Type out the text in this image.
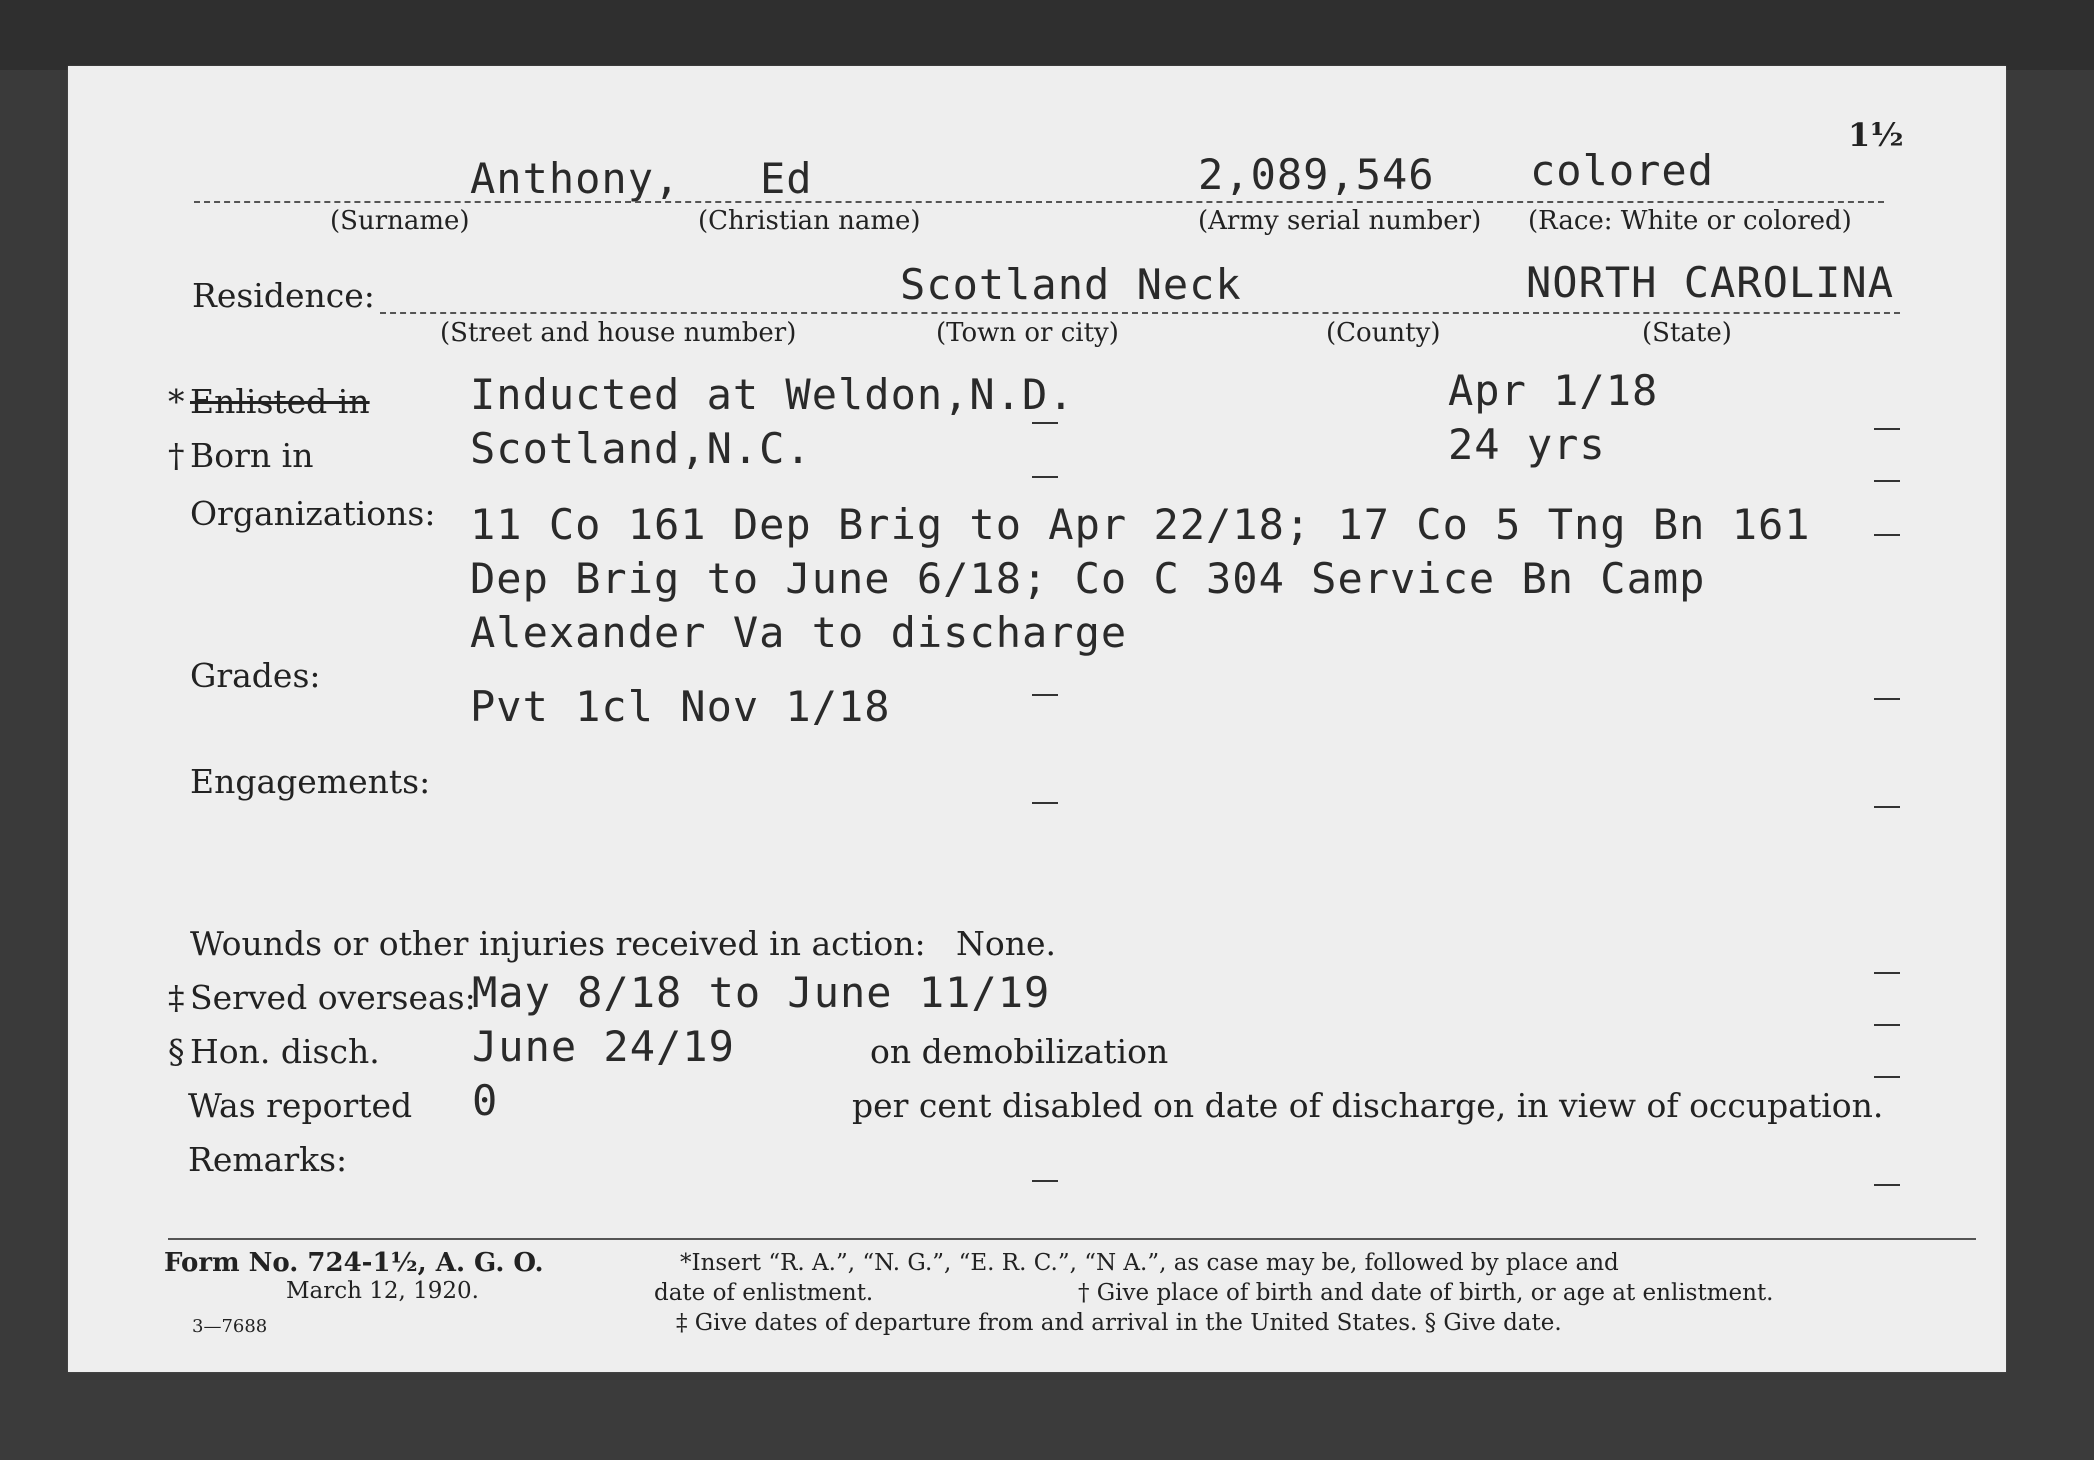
1½
Anthony, Ed	2,089,546 colored
(Surname)	(Christian name)	(Army serial number) (Race: White or colored)
Residence:	Scotland Neck	NORTH CAROLINA
(Street and house number)	(Town or city)	(County)	(State)
* Enlisted in Inducted at Weldon,N.D.	Apr 1/18
† Born in	Scotland,N.C.	24 yrs
Organizations: 11 Co 161 Dep Brig to Apr 22/18; 17 Co 5 Tng Bn 161
Dep Brig to June 6/18; Co C 304 Service Bn Camp
Alexander Va to discharge
Grades:
Pvt 1cl Nov 1/18
Engagements:
Wounds or other injuries received in action: None.
‡ Served overseas:
May 8/18 to June 11/19
§ Hon. disch. June 24/19	on demobilization
Was reported 0	per cent disabled on date of discharge, in view of occupation.
Remarks:
Form No. 724-1½, A. G. O.
March 12, 1920.
3—7688
*Insert “R. A.”, “N. G.”, “E. R. C.”, “N A.”, as case may be, followed by place and
date of enlistment.	† Give place of birth and date of birth, or age at enlistment.
‡ Give dates of departure from and arrival in the United States. § Give date.
